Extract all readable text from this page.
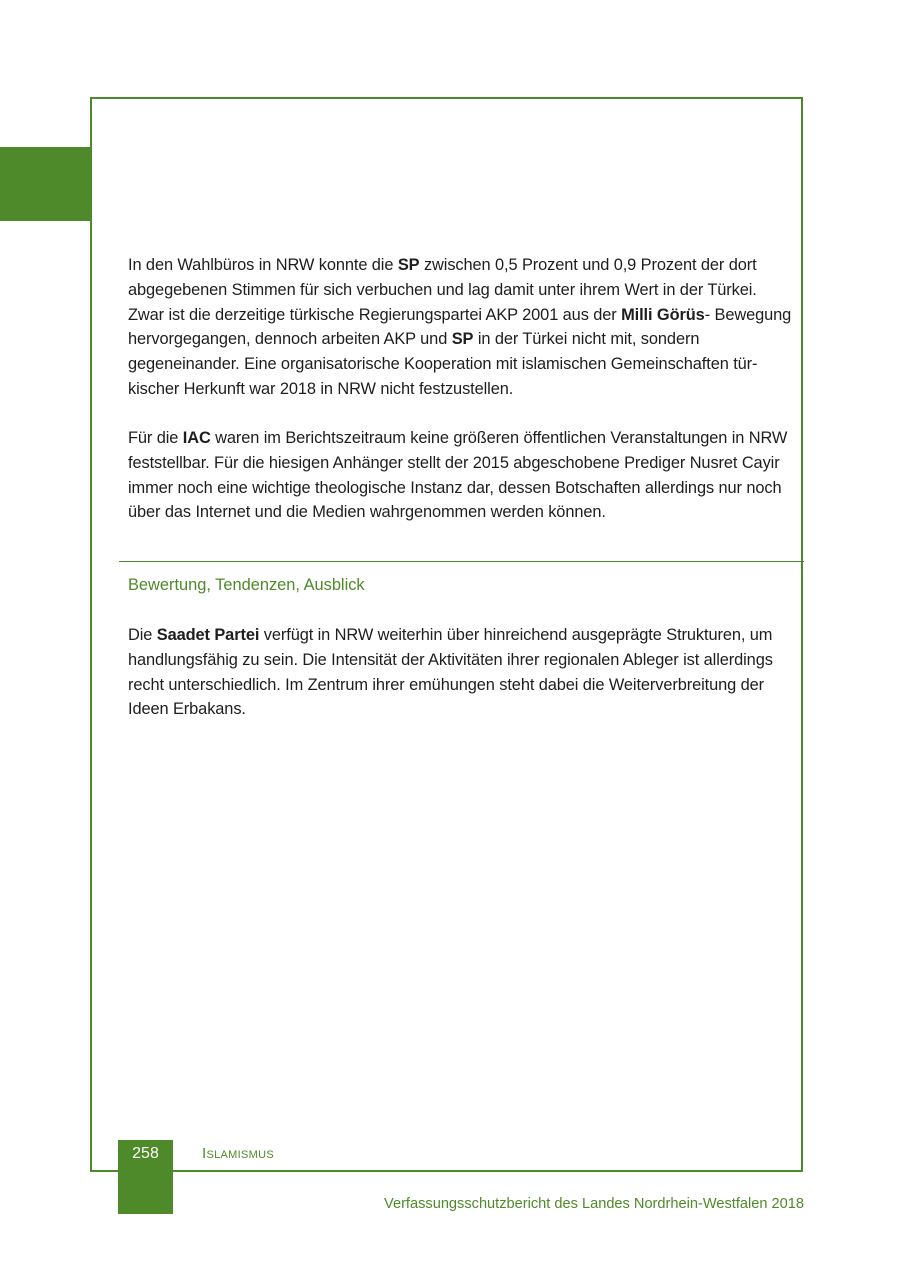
In den Wahlbüros in NRW konnte die SP zwischen 0,5 Prozent und 0,9 Prozent der dort abgegebenen Stimmen für sich verbuchen und lag damit unter ihrem Wert in der Türkei. Zwar ist die derzeitige türkische Regierungspartei AKP 2001 aus der Milli Görüs- Bewegung hervorgegangen, dennoch arbeiten AKP und SP in der Türkei nicht mit, sondern gegeneinander. Eine organisatorische Kooperation mit islamischen Gemeinschaften türkischer Herkunft war 2018 in NRW nicht festzustellen.

Für die IAC waren im Berichtszeitraum keine größeren öffentlichen Veranstaltungen in NRW feststellbar. Für die hiesigen Anhänger stellt der 2015 abgeschobene Prediger Nusret Cayir immer noch eine wichtige theologische Instanz dar, dessen Botschaften allerdings nur noch über das Internet und die Medien wahrgenommen werden können.

Bewertung, Tendenzen, Ausblick

Die Saadet Partei verfügt in NRW weiterhin über hinreichend ausgeprägte Strukturen, um handlungsfähig zu sein. Die Intensität der Aktivitäten ihrer regionalen Ableger ist allerdings recht unterschiedlich. Im Zentrum ihrer emühungen steht dabei die Weiterverbreitung der Ideen Erbakans.

258	Islamismus
Verfassungsschutzbericht des Landes Nordrhein-Westfalen 2018
